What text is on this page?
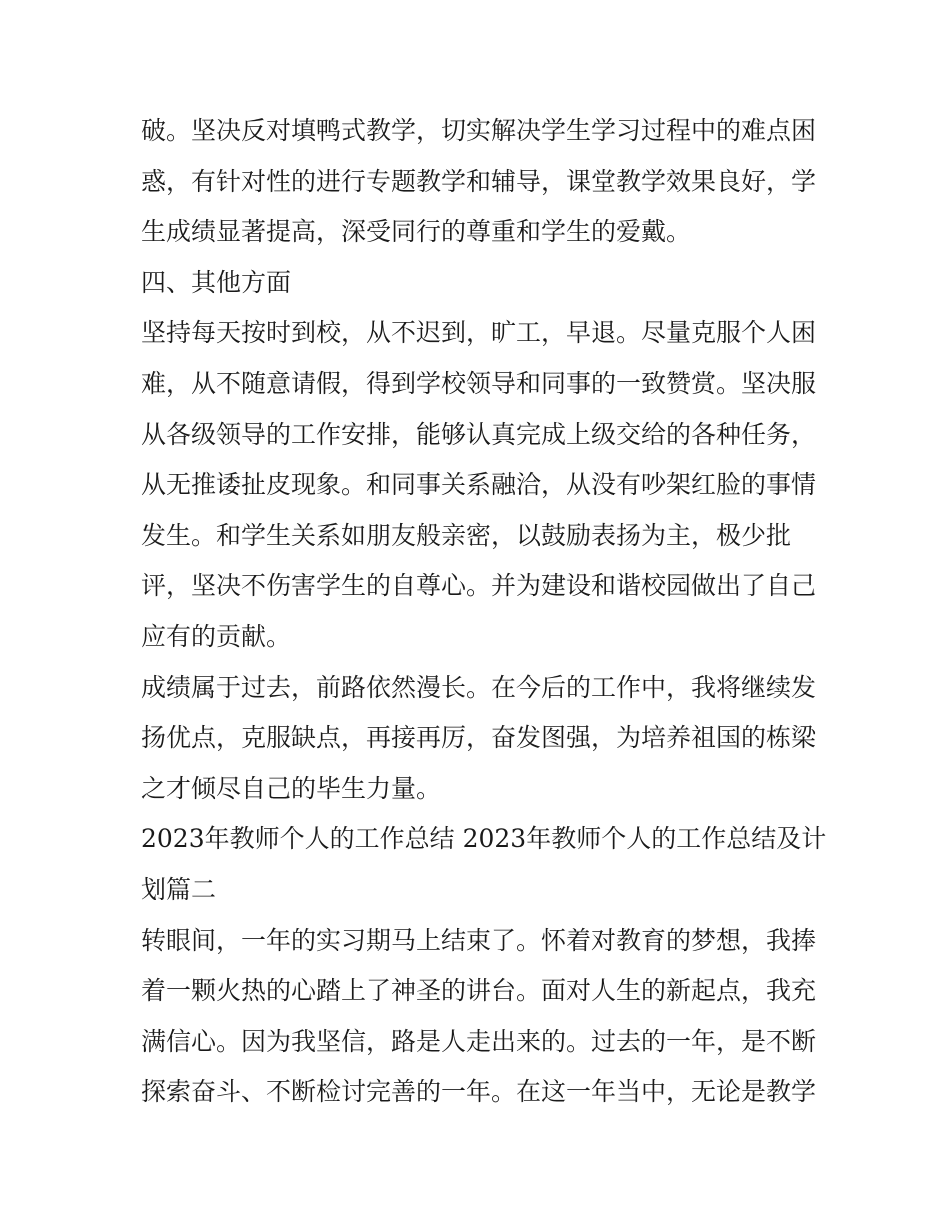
破。坚决反对填鸭式教学，切实解决学生学习过程中的难点困
惑，有针对性的进行专题教学和辅导，课堂教学效果良好，学
生成绩显著提高，深受同行的尊重和学生的爱戴。
四、其他方面
坚持每天按时到校，从不迟到，旷工，早退。尽量克服个人困
难，从不随意请假，得到学校领导和同事的一致赞赏。坚决服
从各级领导的工作安排，能够认真完成上级交给的各种任务，
从无推诿扯皮现象。和同事关系融洽，从没有吵架红脸的事情
发生。和学生关系如朋友般亲密，以鼓励表扬为主，极少批
评，坚决不伤害学生的自尊心。并为建设和谐校园做出了自己
应有的贡献。
成绩属于过去，前路依然漫长。在今后的工作中，我将继续发
扬优点，克服缺点，再接再厉，奋发图强，为培养祖国的栋梁
之才倾尽自己的毕生力量。
2023年教师个人的工作总结 2023年教师个人的工作总结及计
划篇二
转眼间，一年的实习期马上结束了。怀着对教育的梦想，我捧
着一颗火热的心踏上了神圣的讲台。面对人生的新起点，我充
满信心。因为我坚信，路是人走出来的。过去的一年，是不断
探索奋斗、不断检讨完善的一年。在这一年当中，无论是教学
